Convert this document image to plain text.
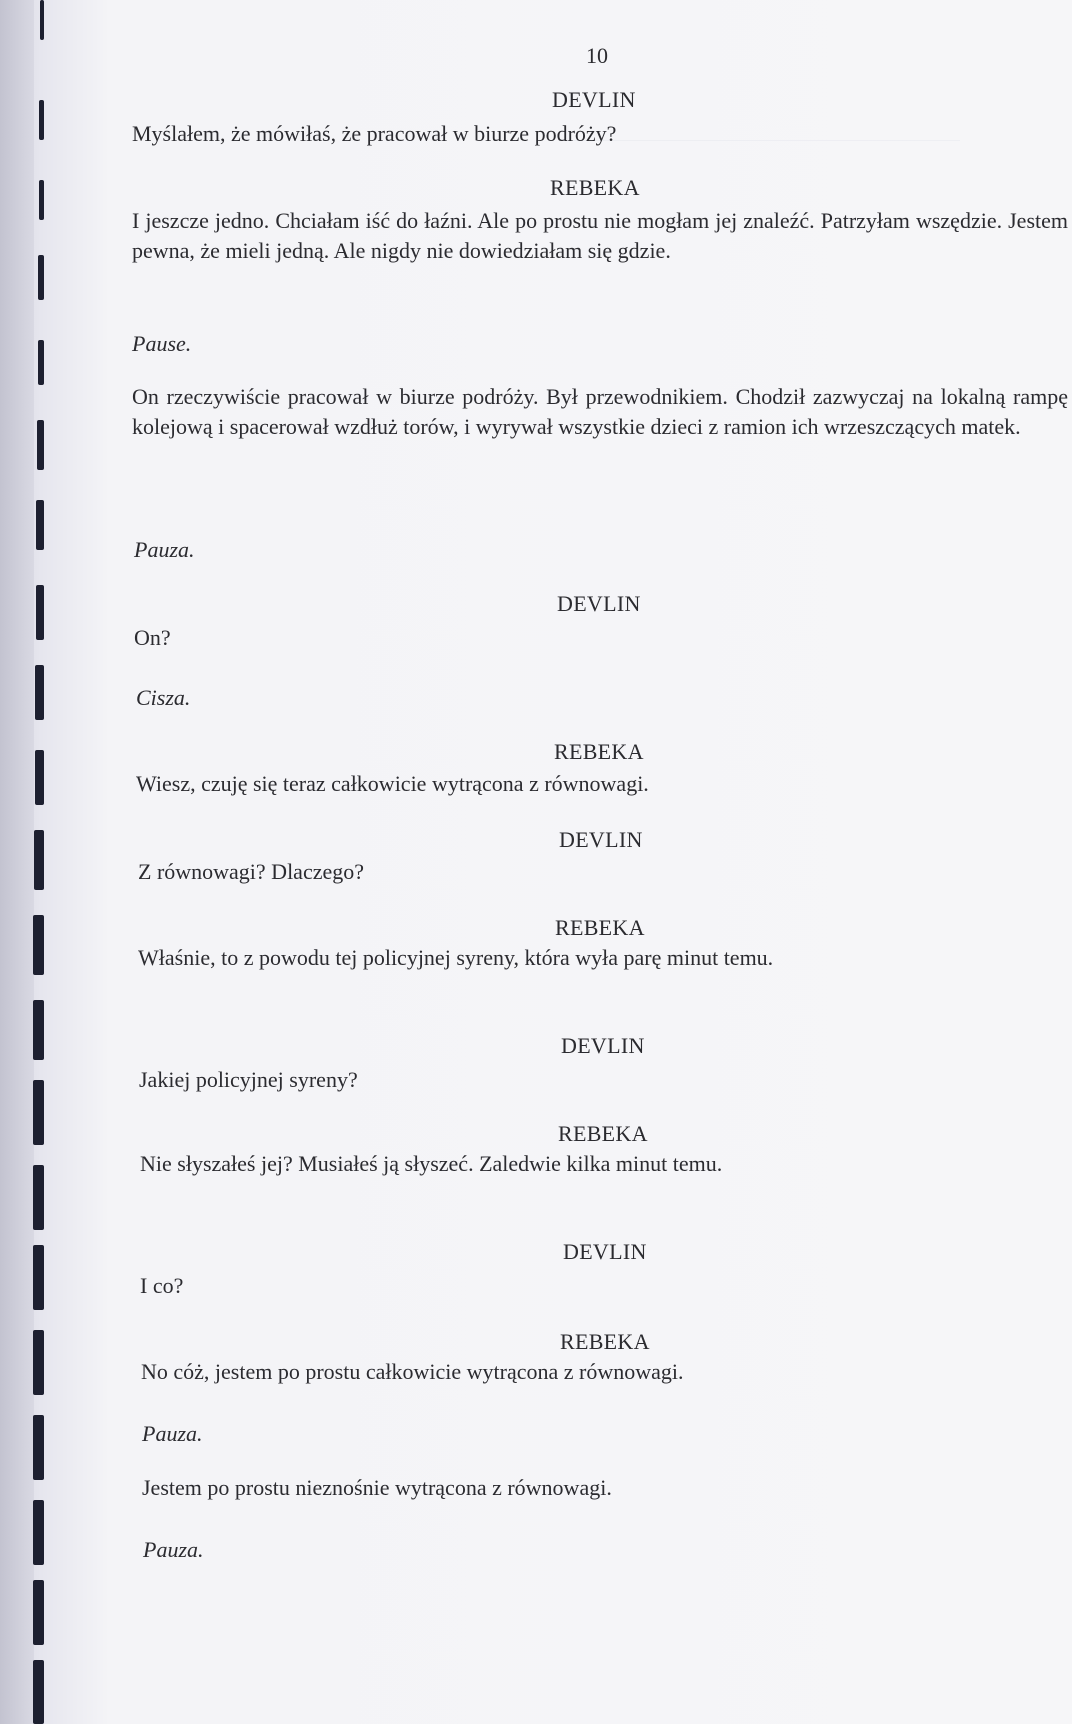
10
DEVLIN
Myślałem, że mówiłaś, że pracował w biurze podróży?
REBEKA
I jeszcze jedno. Chciałam iść do łaźni. Ale po prostu nie mogłam jej znaleźć. Patrzyłam wszędzie. Jestem pewna, że mieli jedną. Ale nigdy nie dowiedziałam się gdzie.
Pause.
On rzeczywiście pracował w biurze podróży. Był przewodnikiem. Chodził zazwyczaj na lokalną rampę kolejową i spacerował wzdłuż torów, i wyrywał wszystkie dzieci z ramion ich wrzeszczących matek.
Pauza.
DEVLIN
On?
Cisza.
REBEKA
Wiesz, czuję się teraz całkowicie wytrącona z równowagi.
DEVLIN
Z równowagi? Dlaczego?
REBEKA
Właśnie, to z powodu tej policyjnej syreny, która wyła parę minut temu.
DEVLIN
Jakiej policyjnej syreny?
REBEKA
Nie słyszałeś jej? Musiałeś ją słyszeć. Zaledwie kilka minut temu.
DEVLIN
I co?
REBEKA
No cóż, jestem po prostu całkowicie wytrącona z równowagi.
Pauza.
Jestem po prostu nieznośnie wytrącona z równowagi.
Pauza.
